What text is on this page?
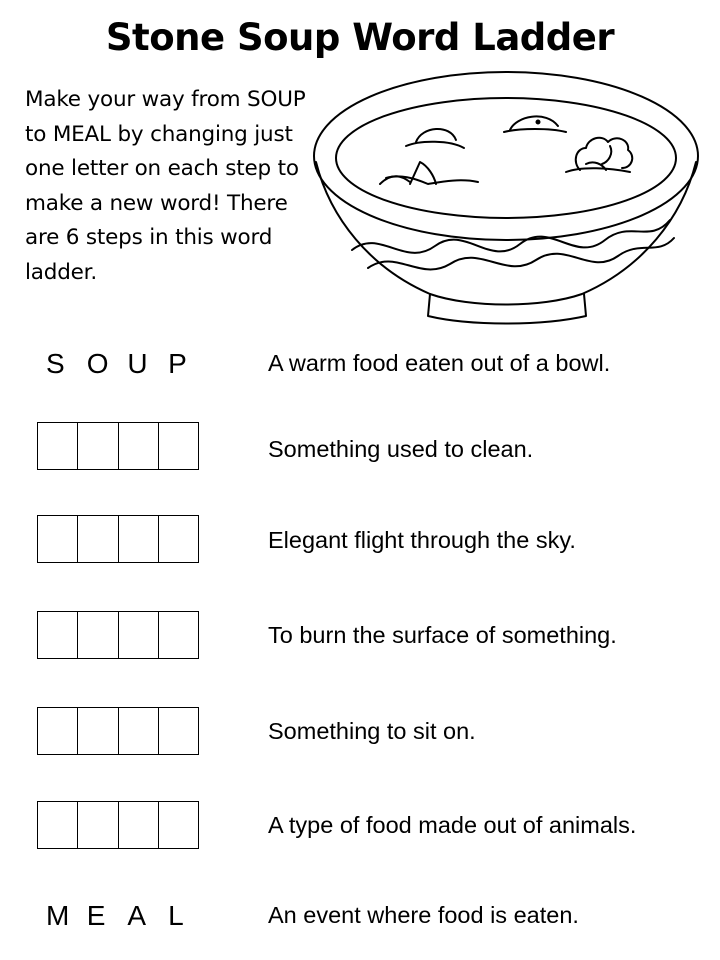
Stone Soup Word Ladder
Make your way from SOUP to MEAL by changing just one letter on each step to make a new word! There are 6 steps in this word ladder.
S O U P	A warm food eaten out of a bowl.
Something used to clean.
Elegant flight through the sky.
To burn the surface of something.
Something to sit on.
A type of food made out of animals.
M E A L	An event where food is eaten.
